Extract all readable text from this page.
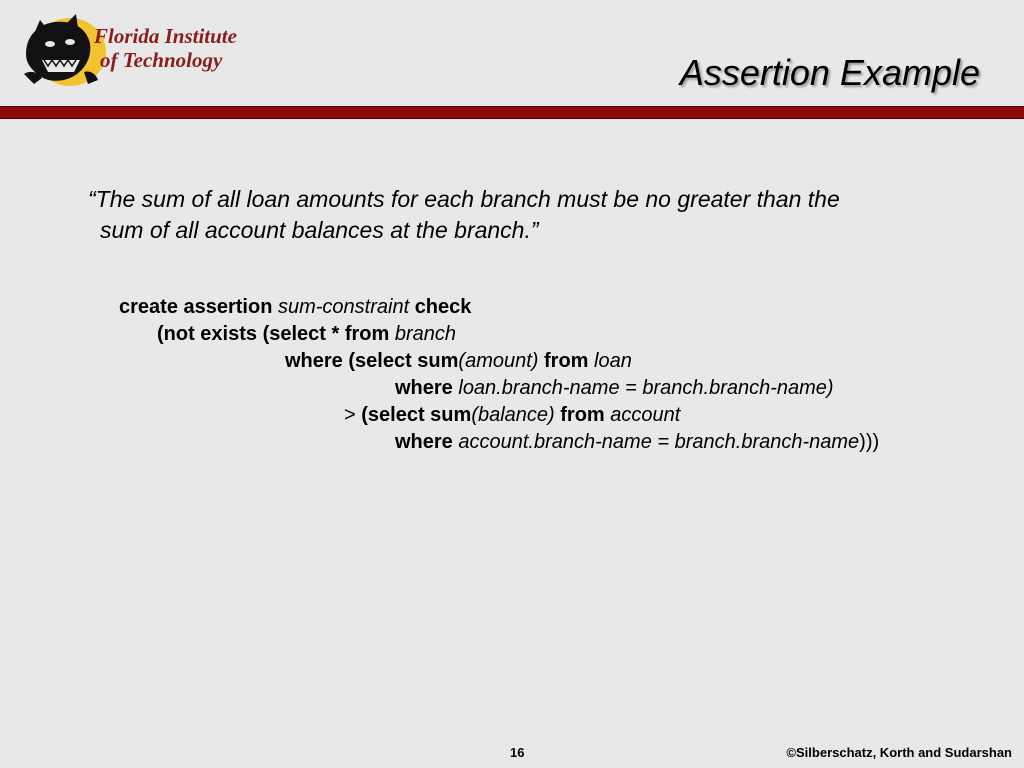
Florida Institute
of Technology	Assertion Example
“The sum of all loan amounts for each branch must be no greater than the
sum of all account balances at the branch.”
create assertion sum-constraint check
(not exists (select * from branch
where (select sum(amount) from loan
where loan.branch-name = branch.branch-name)
> (select sum(balance) from account
where account.branch-name = branch.branch-name)))
16	©Silberschatz, Korth and Sudarshan
